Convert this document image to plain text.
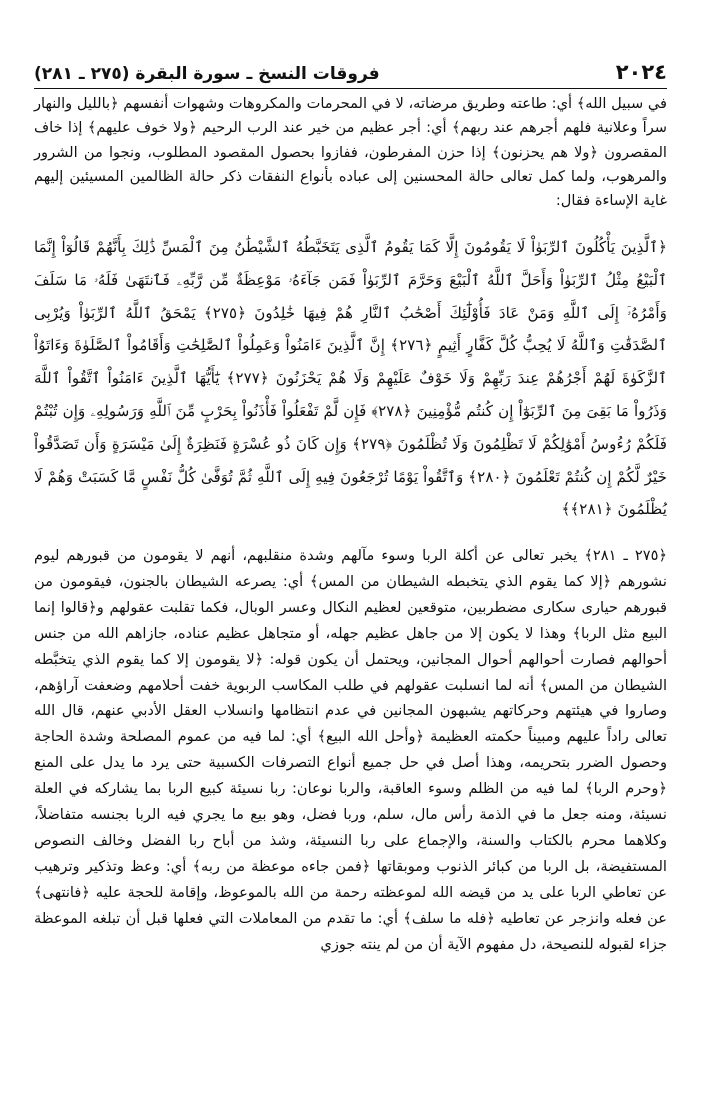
٢٠٢٤
فروقات النسخ ـ سورة البقرة (٢٧٥ ـ ٢٨١)

في سبيل الله﴾ أي: طاعته وطريق مرضاته، لا في المحرمات والمكروهات وشهوات أنفسهم ﴿بالليل والنهار سراً وعلانية فلهم أجرهم عند ربهم﴾ أي: أجر عظيم من خير عند الرب الرحيم ﴿ولا خوف عليهم﴾ إذا خاف المقصرون ﴿ولا هم يحزنون﴾ إذا حزن المفرطون، ففازوا بحصول المقصود المطلوب، ونجوا من الشرور والمرهوب، ولما كمل تعالى حالة المحسنين إلى عباده بأنواع النفقات ذكر حالة الظالمين المسيئين إليهم غاية الإساءة فقال:

﴿ٱلَّذِينَ يَأْكُلُونَ ٱلرِّبَوٰاْ لَا يَقُومُونَ إِلَّا كَمَا يَقُومُ ٱلَّذِى يَتَخَبَّطُهُ ٱلشَّيْطَٰنُ مِنَ ٱلْمَسِّ ذَٰلِكَ بِأَنَّهُمْ قَالُوٓاْ إِنَّمَا ٱلْبَيْعُ مِثْلُ ٱلرِّبَوٰاْ وَأَحَلَّ ٱللَّهُ ٱلْبَيْعَ وَحَرَّمَ ٱلرِّبَوٰاْ فَمَن جَآءَهُۥ مَوْعِظَةٌ مِّن رَّبِّهِۦ فَٱنتَهَىٰ فَلَهُۥ مَا سَلَفَ وَأَمْرُهُۥٓ إِلَى ٱللَّهِ وَمَنْ عَادَ فَأُوْلَٰٓئِكَ أَصْحَٰبُ ٱلنَّارِ هُمْ فِيهَا خَٰلِدُونَ ﴿٢٧٥﴾ يَمْحَقُ ٱللَّهُ ٱلرِّبَوٰاْ وَيُرْبِى ٱلصَّدَقَٰتِ وَٱللَّهُ لَا يُحِبُّ كُلَّ كَفَّارٍ أَثِيمٍ ﴿٢٧٦﴾ إِنَّ ٱلَّذِينَ ءَامَنُواْ وَعَمِلُواْ ٱلصَّٰلِحَٰتِ وَأَقَامُواْ ٱلصَّلَوٰةَ وَءَاتَوُاْ ٱلزَّكَوٰةَ لَهُمْ أَجْرُهُمْ عِندَ رَبِّهِمْ وَلَا خَوْفٌ عَلَيْهِمْ وَلَا هُمْ يَحْزَنُونَ ﴿٢٧٧﴾ يَٰٓأَيُّهَا ٱلَّذِينَ ءَامَنُواْ ٱتَّقُواْ ٱللَّهَ وَذَرُواْ مَا بَقِىَ مِنَ ٱلرِّبَوٰٓاْ إِن كُنتُم مُّؤْمِنِينَ ﴿٢٧٨﴾ فَإِن لَّمْ تَفْعَلُواْ فَأْذَنُواْ بِحَرْبٍ مِّنَ ٱللَّهِ وَرَسُولِهِۦ وَإِن تُبْتُمْ فَلَكُمْ رُءُوسُ أَمْوَٰلِكُمْ لَا تَظْلِمُونَ وَلَا تُظْلَمُونَ ﴿٢٧٩﴾ وَإِن كَانَ ذُو عُسْرَةٍ فَنَظِرَةٌ إِلَىٰ مَيْسَرَةٍ وَأَن تَصَدَّقُواْ خَيْرٌ لَّكُمْ إِن كُنتُمْ تَعْلَمُونَ ﴿٢٨٠﴾ وَٱتَّقُواْ يَوْمًا تُرْجَعُونَ فِيهِ إِلَى ٱللَّهِ ثُمَّ تُوَفَّىٰ كُلُّ نَفْسٍ مَّا كَسَبَتْ وَهُمْ لَا يُظْلَمُونَ ﴿٢٨١﴾﴾

﴿٢٧٥ ـ ٢٨١﴾ يخبر تعالى عن أكلة الربا وسوء مآلهم وشدة منقلبهم، أنهم لا يقومون من قبورهم ليوم نشورهم ﴿إلا كما يقوم الذي يتخبطه الشيطان من المس﴾ أي: يصرعه الشيطان بالجنون، فيقومون من قبورهم حيارى سكارى مضطربين، متوقعين لعظيم النكال وعسر الوبال، فكما تقلبت عقولهم و﴿قالوا إنما البيع مثل الربا﴾ وهذا لا يكون إلا من جاهل عظيم جهله، أو متجاهل عظيم عناده، جازاهم الله من جنس أحوالهم فصارت أحوالهم أحوال المجانين، ويحتمل أن يكون قوله: ﴿لا يقومون إلا كما يقوم الذي يتخبَّطه الشيطان من المس﴾ أنه لما انسلبت عقولهم في طلب المكاسب الربوية خفت أحلامهم وضعفت آراؤهم، وصاروا في هيئتهم وحركاتهم يشبهون المجانين في عدم انتظامها وانسلاب العقل الأدبي عنهم، قال الله تعالى راداً عليهم ومبيناً حكمته العظيمة ﴿وأحل الله البيع﴾ أي: لما فيه من عموم المصلحة وشدة الحاجة وحصول الضرر بتحريمه، وهذا أصل في حل جميع أنواع التصرفات الكسبية حتى يرد ما يدل على المنع ﴿وحرم الربا﴾ لما فيه من الظلم وسوء العاقبة، والربا نوعان: ربا نسيئة كبيع الربا بما يشاركه في العلة نسيئة، ومنه جعل ما في الذمة رأس مال، سلم، وربا فضل، وهو بيع ما يجري فيه الربا بجنسه متفاضلاً، وكلاهما محرم بالكتاب والسنة، والإجماع على ربا النسيئة، وشذ من أباح ربا الفضل وخالف النصوص المستفيضة، بل الربا من كبائر الذنوب وموبقاتها ﴿فمن جاءه موعظة من ربه﴾ أي: وعظ وتذكير وترهيب عن تعاطي الربا على يد من قيضه الله لموعظته رحمة من الله بالموعوظ، وإقامة للحجة عليه ﴿فانتهى﴾ عن فعله وانزجر عن تعاطيه ﴿فله ما سلف﴾ أي: ما تقدم من المعاملات التي فعلها قبل أن تبلغه الموعظة جزاء لقبوله للنصيحة، دل مفهوم الآية أن من لم ينته جوزي
